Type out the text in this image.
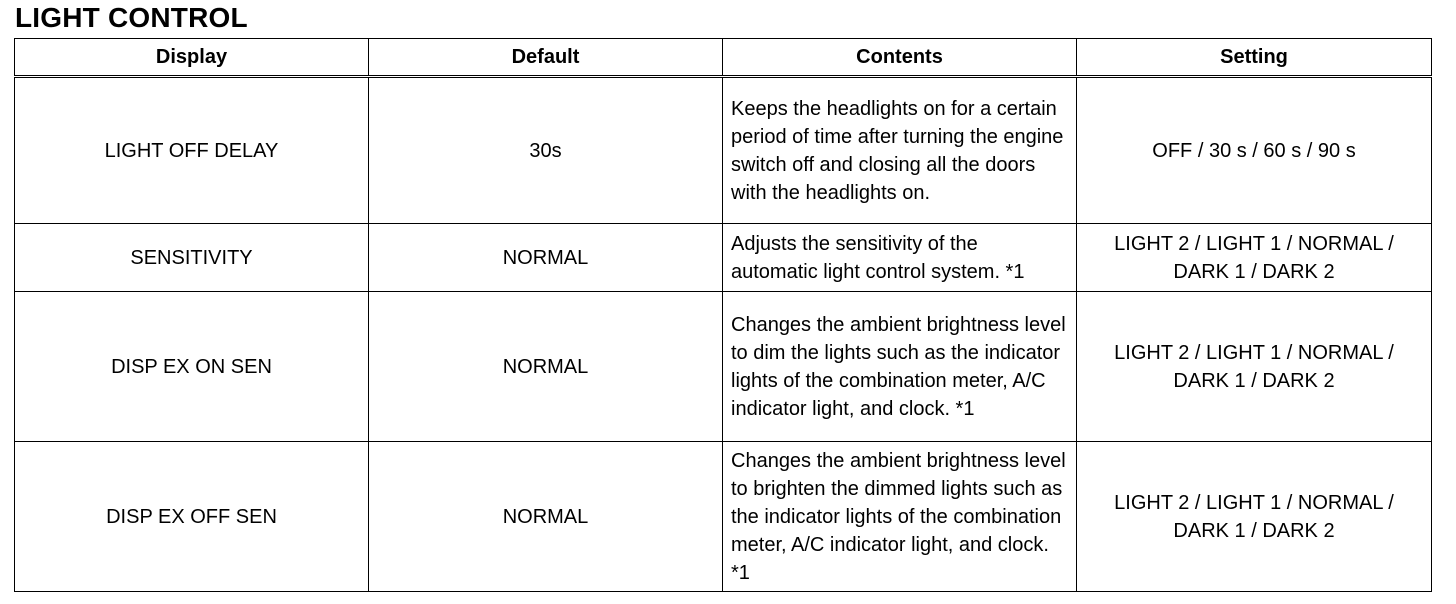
LIGHT CONTROL
Display	Default	Contents	Setting
LIGHT OFF DELAY	30s	Keeps the headlights on for a certain period of time after turning the engine switch off and closing all the doors with the headlights on.	OFF / 30 s / 60 s / 90 s
SENSITIVITY	NORMAL	Adjusts the sensitivity of the automatic light control system. *1	LIGHT 2 / LIGHT 1 / NORMAL / DARK 1 / DARK 2
DISP EX ON SEN	NORMAL	Changes the ambient brightness level to dim the lights such as the indicator lights of the combination meter, A/C indicator light, and clock. *1	LIGHT 2 / LIGHT 1 / NORMAL / DARK 1 / DARK 2
DISP EX OFF SEN	NORMAL	Changes the ambient brightness level to brighten the dimmed lights such as the indicator lights of the combination meter, A/C indicator light, and clock. *1	LIGHT 2 / LIGHT 1 / NORMAL / DARK 1 / DARK 2
